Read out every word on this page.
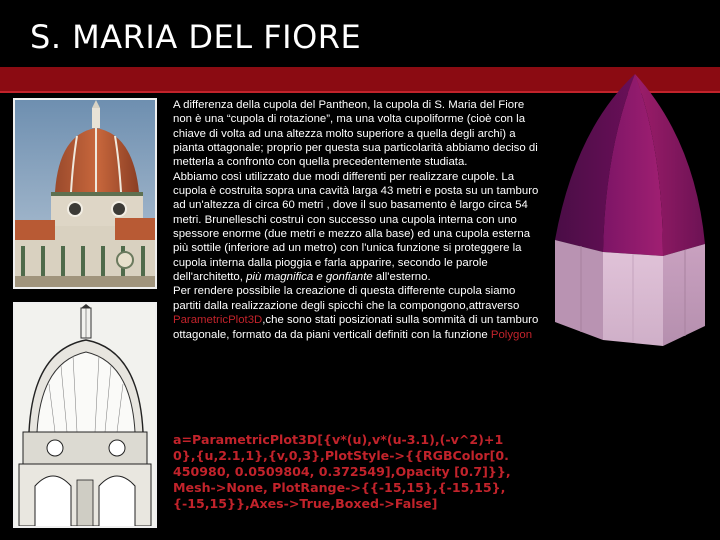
S. MARIA DEL FIORE

A differenza della cupola del Pantheon, la cupola di S. Maria del Fiore non è una “cupola di rotazione”, ma una volta cupoliforme (cioè con la chiave di volta ad una altezza molto superiore a quella degli archi) a pianta ottagonale; proprio per questa sua particolarità abbiamo deciso di metterla a confronto con quella precedentemente studiata.

Abbiamo così utilizzato due modi differenti per realizzare cupole. La cupola è costruita sopra una cavità larga 43 metri e posta su un tamburo ad un'altezza di circa 60 metri , dove il suo basamento è largo circa 54 metri. Brunelleschi costruì con successo una cupola interna con uno spessore enorme (due metri e mezzo alla base) ed una cupola esterna più sottile (inferiore ad un metro) con l'unica funzione si proteggere la cupola interna dalla pioggia e farla apparire, secondo le parole dell'architetto, più magnifica e gonfiante all'esterno.

Per rendere possibile la creazione di questa differente cupola siamo partiti dalla realizzazione degli spicchi che la compongono,attraverso ParametricPlot3D,che sono stati posizionati sulla sommità di un tamburo ottagonale, formato da da piani verticali definiti con la funzione Polygon

a=ParametricPlot3D[{v*(u),v*(u-3.1),(-v^2)+10},{u,2.1,1},{v,0,3},PlotStyle->{{RGBColor[0.450980, 0.0509804, 0.372549],Opacity [0.7]}},Mesh->None, PlotRange->{{-15,15},{-15,15},{-15,15}},Axes->True,Boxed->False]
